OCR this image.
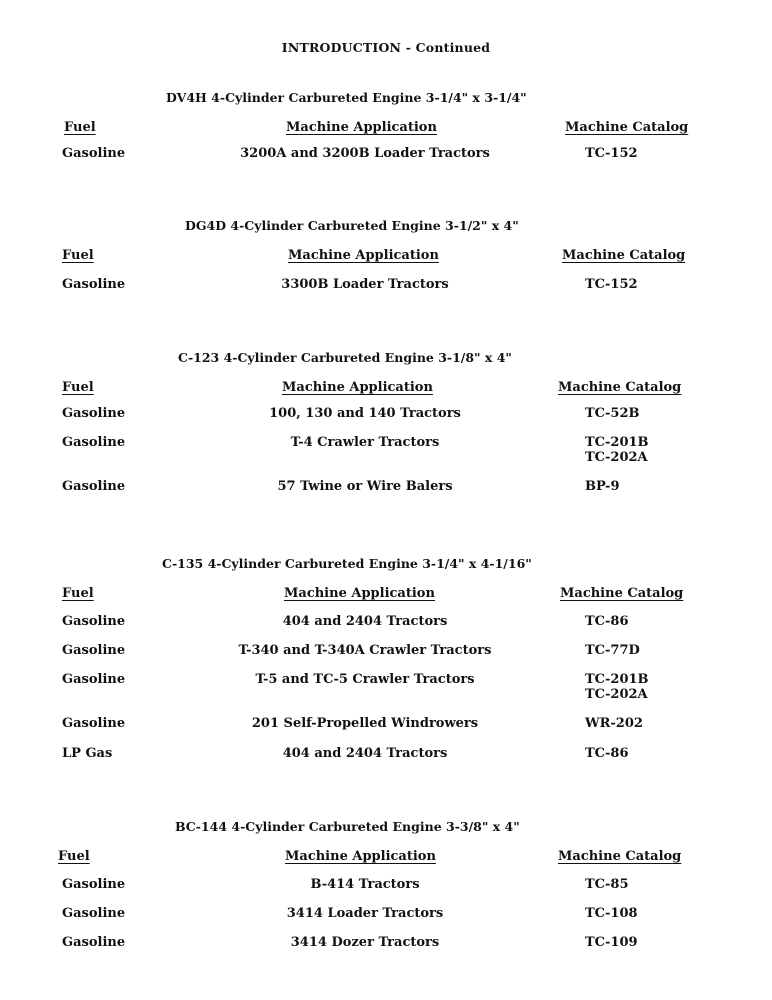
INTRODUCTION - Continued
DV4H 4-Cylinder Carbureted Engine 3-1/4" x 3-1/4"
Fuel	Machine Application	Machine Catalog
Gasoline	3200A and 3200B Loader Tractors	TC-152
DG4D 4-Cylinder Carbureted Engine 3-1/2" x 4"
Fuel	Machine Application	Machine Catalog
Gasoline	3300B Loader Tractors	TC-152
C-123 4-Cylinder Carbureted Engine 3-1/8" x 4"
Fuel	Machine Application	Machine Catalog
Gasoline	100, 130 and 140 Tractors	TC-52B
Gasoline	T-4 Crawler Tractors	TC-201B
TC-202A
Gasoline	57 Twine or Wire Balers	BP-9
C-135 4-Cylinder Carbureted Engine 3-1/4" x 4-1/16"
Fuel	Machine Application	Machine Catalog
Gasoline	404 and 2404 Tractors	TC-86
Gasoline	T-340 and T-340A Crawler Tractors	TC-77D
Gasoline	T-5 and TC-5 Crawler Tractors	TC-201B
TC-202A
Gasoline	201 Self-Propelled Windrowers	WR-202
LP Gas	404 and 2404 Tractors	TC-86
BC-144 4-Cylinder Carbureted Engine 3-3/8" x 4"
Fuel	Machine Application	Machine Catalog
Gasoline	B-414 Tractors	TC-85
Gasoline	3414 Loader Tractors	TC-108
Gasoline	3414 Dozer Tractors	TC-109
